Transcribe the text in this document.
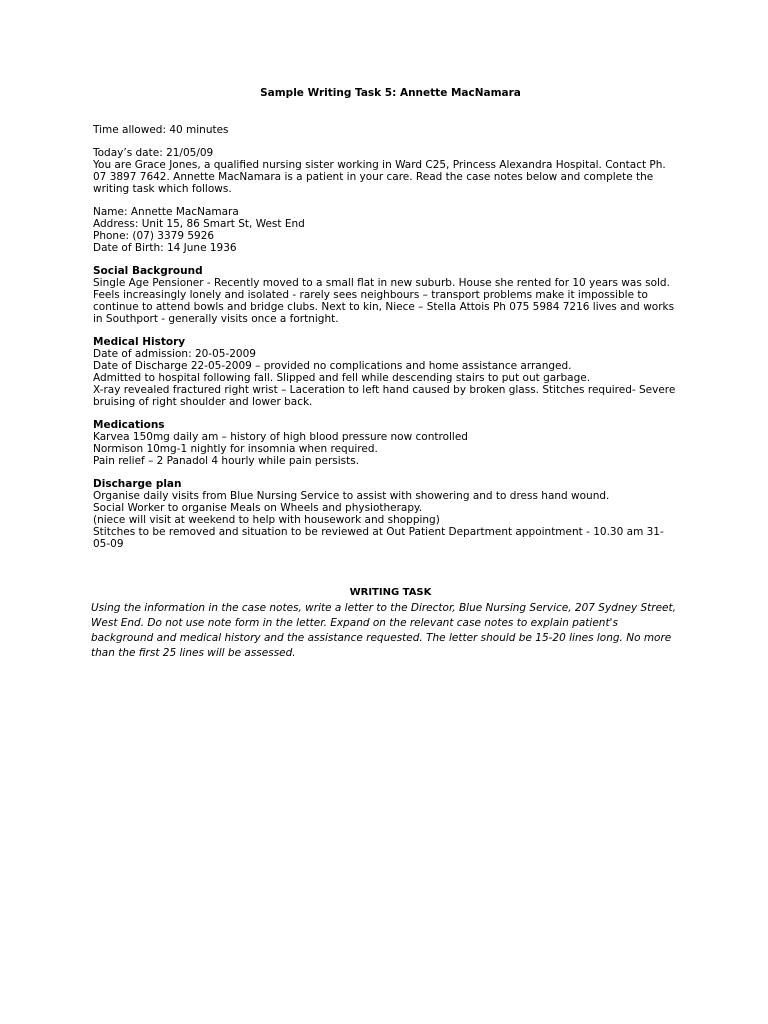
Sample Writing Task 5: Annette MacNamara
Time allowed: 40 minutes
Today’s date: 21/05/09
You are Grace Jones, a qualified nursing sister working in Ward C25, Princess Alexandra Hospital. Contact Ph.
07 3897 7642. Annette MacNamara is a patient in your care. Read the case notes below and complete the
writing task which follows.
Name: Annette MacNamara
Address: Unit 15, 86 Smart St, West End
Phone: (07) 3379 5926
Date of Birth: 14 June 1936
Social Background
Single Age Pensioner - Recently moved to a small flat in new suburb. House she rented for 10 years was sold.
Feels increasingly lonely and isolated - rarely sees neighbours – transport problems make it impossible to
continue to attend bowls and bridge clubs. Next to kin, Niece – Stella Attois Ph 075 5984 7216 lives and works
in Southport - generally visits once a fortnight.
Medical History
Date of admission: 20-05-2009
Date of Discharge 22-05-2009 – provided no complications and home assistance arranged.
Admitted to hospital following fall. Slipped and fell while descending stairs to put out garbage.
X-ray revealed fractured right wrist – Laceration to left hand caused by broken glass. Stitches required- Severe
bruising of right shoulder and lower back.
Medications
Karvea 150mg daily am – history of high blood pressure now controlled
Normison 10mg-1 nightly for insomnia when required.
Pain relief – 2 Panadol 4 hourly while pain persists.
Discharge plan
Organise daily visits from Blue Nursing Service to assist with showering and to dress hand wound.
Social Worker to organise Meals on Wheels and physiotherapy.
(niece will visit at weekend to help with housework and shopping)
Stitches to be removed and situation to be reviewed at Out Patient Department appointment - 10.30 am 31-
05-09
WRITING TASK
Using the information in the case notes, write a letter to the Director, Blue Nursing Service, 207 Sydney Street,
West End. Do not use note form in the letter. Expand on the relevant case notes to explain patient's
background and medical history and the assistance requested. The letter should be 15-20 lines long. No more
than the first 25 lines will be assessed.
